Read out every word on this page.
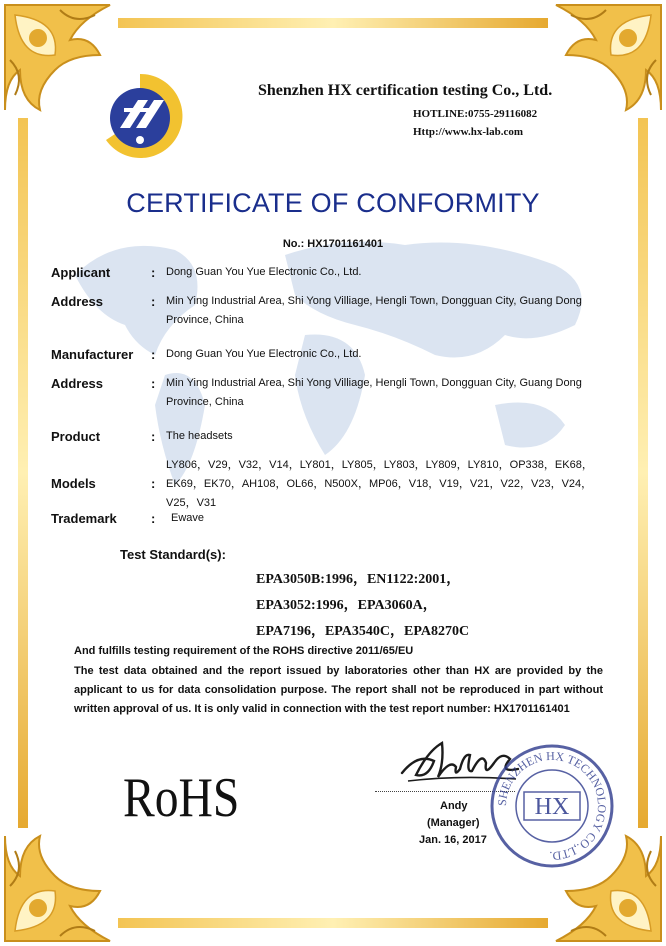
Shenzhen HX certification testing Co., Ltd.
HOTLINE:0755-29116082
Http://www.hx-lab.com
CERTIFICATE OF CONFORMITY
No.: HX1701161401
Applicant	: Dong Guan You Yue Electronic Co., Ltd.
Address	: Min Ying Industrial Area, Shi Yong Villiage, Hengli Town, Dongguan City, Guang Dong Province, China
Manufacturer : Dong Guan You Yue Electronic Co., Ltd.
Address	: Min Ying Industrial Area, Shi Yong Villiage, Hengli Town, Dongguan City, Guang Dong Province, China
Product	: The headsets
Models	:
LY806，V29，V32，V14，LY801，LY805，LY803，LY809，LY810，OP338，EK68，EK69，EK70，AH108，OL66，N500X，MP06，V18，V19，V21，V22，V23，V24，V25，V31
Trademark	: Ewave
Test Standard(s):
EPA3050B:1996，EN1122:2001，
EPA3052:1996，EPA3060A，
EPA7196，EPA3540C，EPA8270C
And fulfills testing requirement of the ROHS directive 2011/65/EU
The test data obtained and the report issued by laboratories other than HX are provided by the applicant to us for data consolidation purpose. The report shall not be reproduced in part without written approval of us. It is only valid in connection with the test report number: HX1701161401
RoHS	Andy
(Manager)
Jan. 16, 2017
SHENZHEN HX TECHNOLOGY CO.,LTD.
HX
